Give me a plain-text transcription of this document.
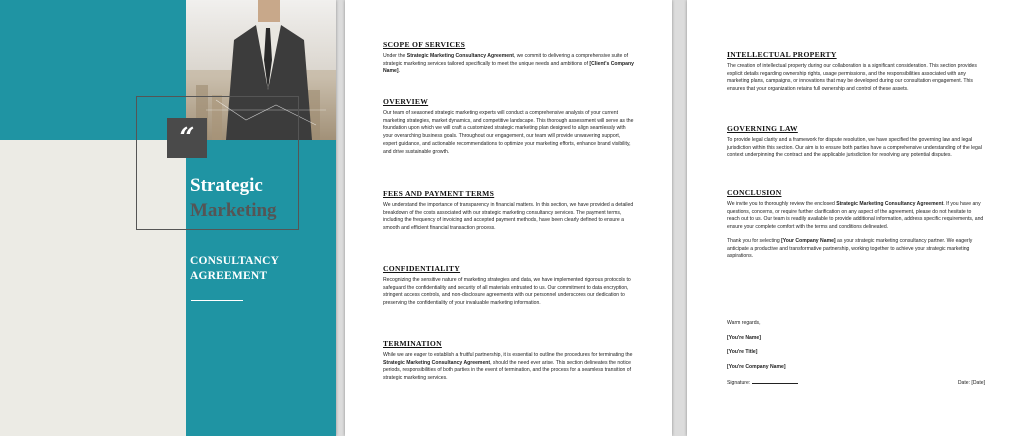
“
Strategic
Marketing
CONSULTANCY
AGREEMENT
SCOPE OF SERVICES

Under the Strategic Marketing Consultancy Agreement, we commit to delivering a comprehensive suite of strategic marketing services tailored specifically to meet the unique needs and ambitions of [Client's Company Name].

OVERVIEW

Our team of seasoned strategic marketing experts will conduct a comprehensive analysis of your current marketing strategies, market dynamics, and competitive landscape. This thorough assessment will serve as the foundation upon which we will craft a customized strategic marketing plan designed to align seamlessly with your overarching business goals. Throughout our engagement, our team will provide unwavering support, expert guidance, and actionable recommendations to optimize your marketing efforts, enhance brand visibility, and drive sustainable growth.

FEES AND PAYMENT TERMS

We understand the importance of transparency in financial matters. In this section, we have provided a detailed breakdown of the costs associated with our strategic marketing consultancy services. The payment terms, including the frequency of invoicing and accepted payment methods, have been clearly defined to ensure a smooth and efficient financial transaction process.

CONFIDENTIALITY

Recognizing the sensitive nature of marketing strategies and data, we have implemented rigorous protocols to safeguard the confidentiality and security of all materials entrusted to us. Our commitment to data encryption, stringent access controls, and non-disclosure agreements with our personnel underscores our dedication to preserving the confidentiality of your invaluable marketing information.

TERMINATION

While we are eager to establish a fruitful partnership, it is essential to outline the procedures for terminating the Strategic Marketing Consultancy Agreement, should the need ever arise. This section delineates the notice periods, responsibilities of both parties in the event of termination, and the process for a seamless transition of strategic marketing services.

INTELLECTUAL PROPERTY

The creation of intellectual property during our collaboration is a significant consideration. This section provides explicit details regarding ownership rights, usage permissions, and the responsibilities associated with any marketing plans, campaigns, or innovations that may be developed during our consultation engagement. This ensures that your organization retains full ownership and control of these assets.

GOVERNING LAW

To provide legal clarity and a framework for dispute resolution, we have specified the governing law and legal jurisdiction within this section. Our aim is to ensure both parties have a comprehensive understanding of the legal context underpinning the contract and the applicable jurisdiction for resolving any potential disputes.

CONCLUSION

We invite you to thoroughly review the enclosed Strategic Marketing Consultancy Agreement. If you have any questions, concerns, or require further clarification on any aspect of the agreement, please do not hesitate to reach out to us. Our team is readily available to provide additional information, address specific requirements, and ensure your complete comfort with the terms and conditions delineated.

Thank you for selecting [Your Company Name] as your strategic marketing consultancy partner. We eagerly anticipate a productive and transformative partnership, working together to achieve your strategic marketing aspirations.

Warm regards,

[You're Name]

[You're Title]

[You're Company Name]

Signature:	Date: [Date]
